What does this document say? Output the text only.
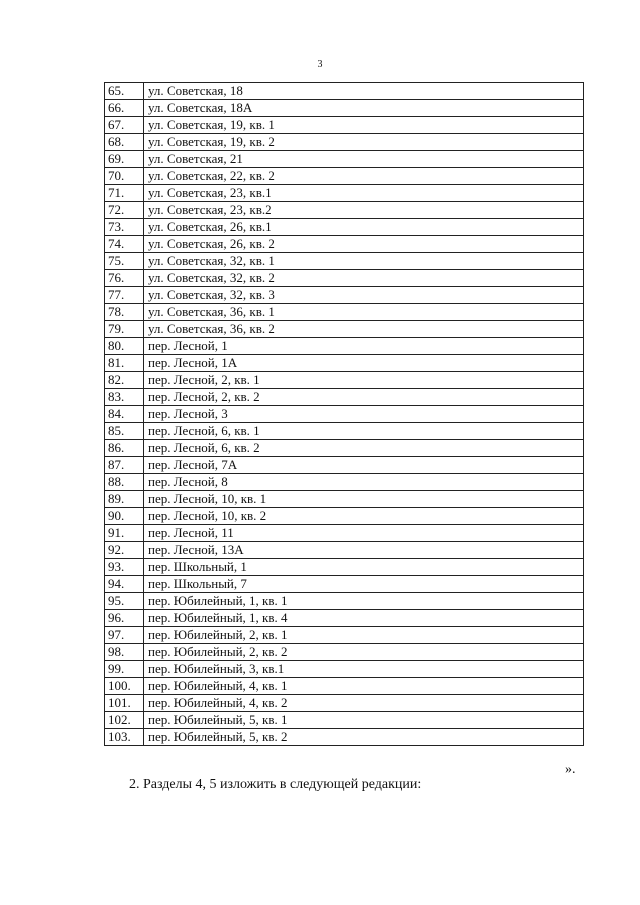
3
65.	ул. Советская, 18
66.	ул. Советская, 18А
67.	ул. Советская, 19, кв. 1
68.	ул. Советская, 19, кв. 2
69.	ул. Советская, 21
70.	ул. Советская, 22, кв. 2
71.	ул. Советская, 23, кв.1
72.	ул. Советская, 23, кв.2
73.	ул. Советская, 26, кв.1
74.	ул. Советская, 26, кв. 2
75.	ул. Советская, 32, кв. 1
76.	ул. Советская, 32, кв. 2
77.	ул. Советская, 32, кв. 3
78.	ул. Советская, 36, кв. 1
79.	ул. Советская, 36, кв. 2
80.	пер. Лесной, 1
81.	пер. Лесной, 1А
82.	пер. Лесной, 2, кв. 1
83.	пер. Лесной, 2, кв. 2
84.	пер. Лесной, 3
85.	пер. Лесной, 6, кв. 1
86.	пер. Лесной, 6, кв. 2
87.	пер. Лесной, 7А
88.	пер. Лесной, 8
89.	пер. Лесной, 10, кв. 1
90.	пер. Лесной, 10, кв. 2
91.	пер. Лесной, 11
92.	пер. Лесной, 13А
93.	пер. Школьный, 1
94.	пер. Школьный, 7
95.	пер. Юбилейный, 1, кв. 1
96.	пер. Юбилейный, 1, кв. 4
97.	пер. Юбилейный, 2, кв. 1
98.	пер. Юбилейный, 2, кв. 2
99.	пер. Юбилейный, 3, кв.1
100.	пер. Юбилейный, 4, кв. 1
101.	пер. Юбилейный, 4, кв. 2
102.	пер. Юбилейный, 5, кв. 1
103.	пер. Юбилейный, 5, кв. 2
».
2. Разделы 4, 5 изложить в следующей редакции:
